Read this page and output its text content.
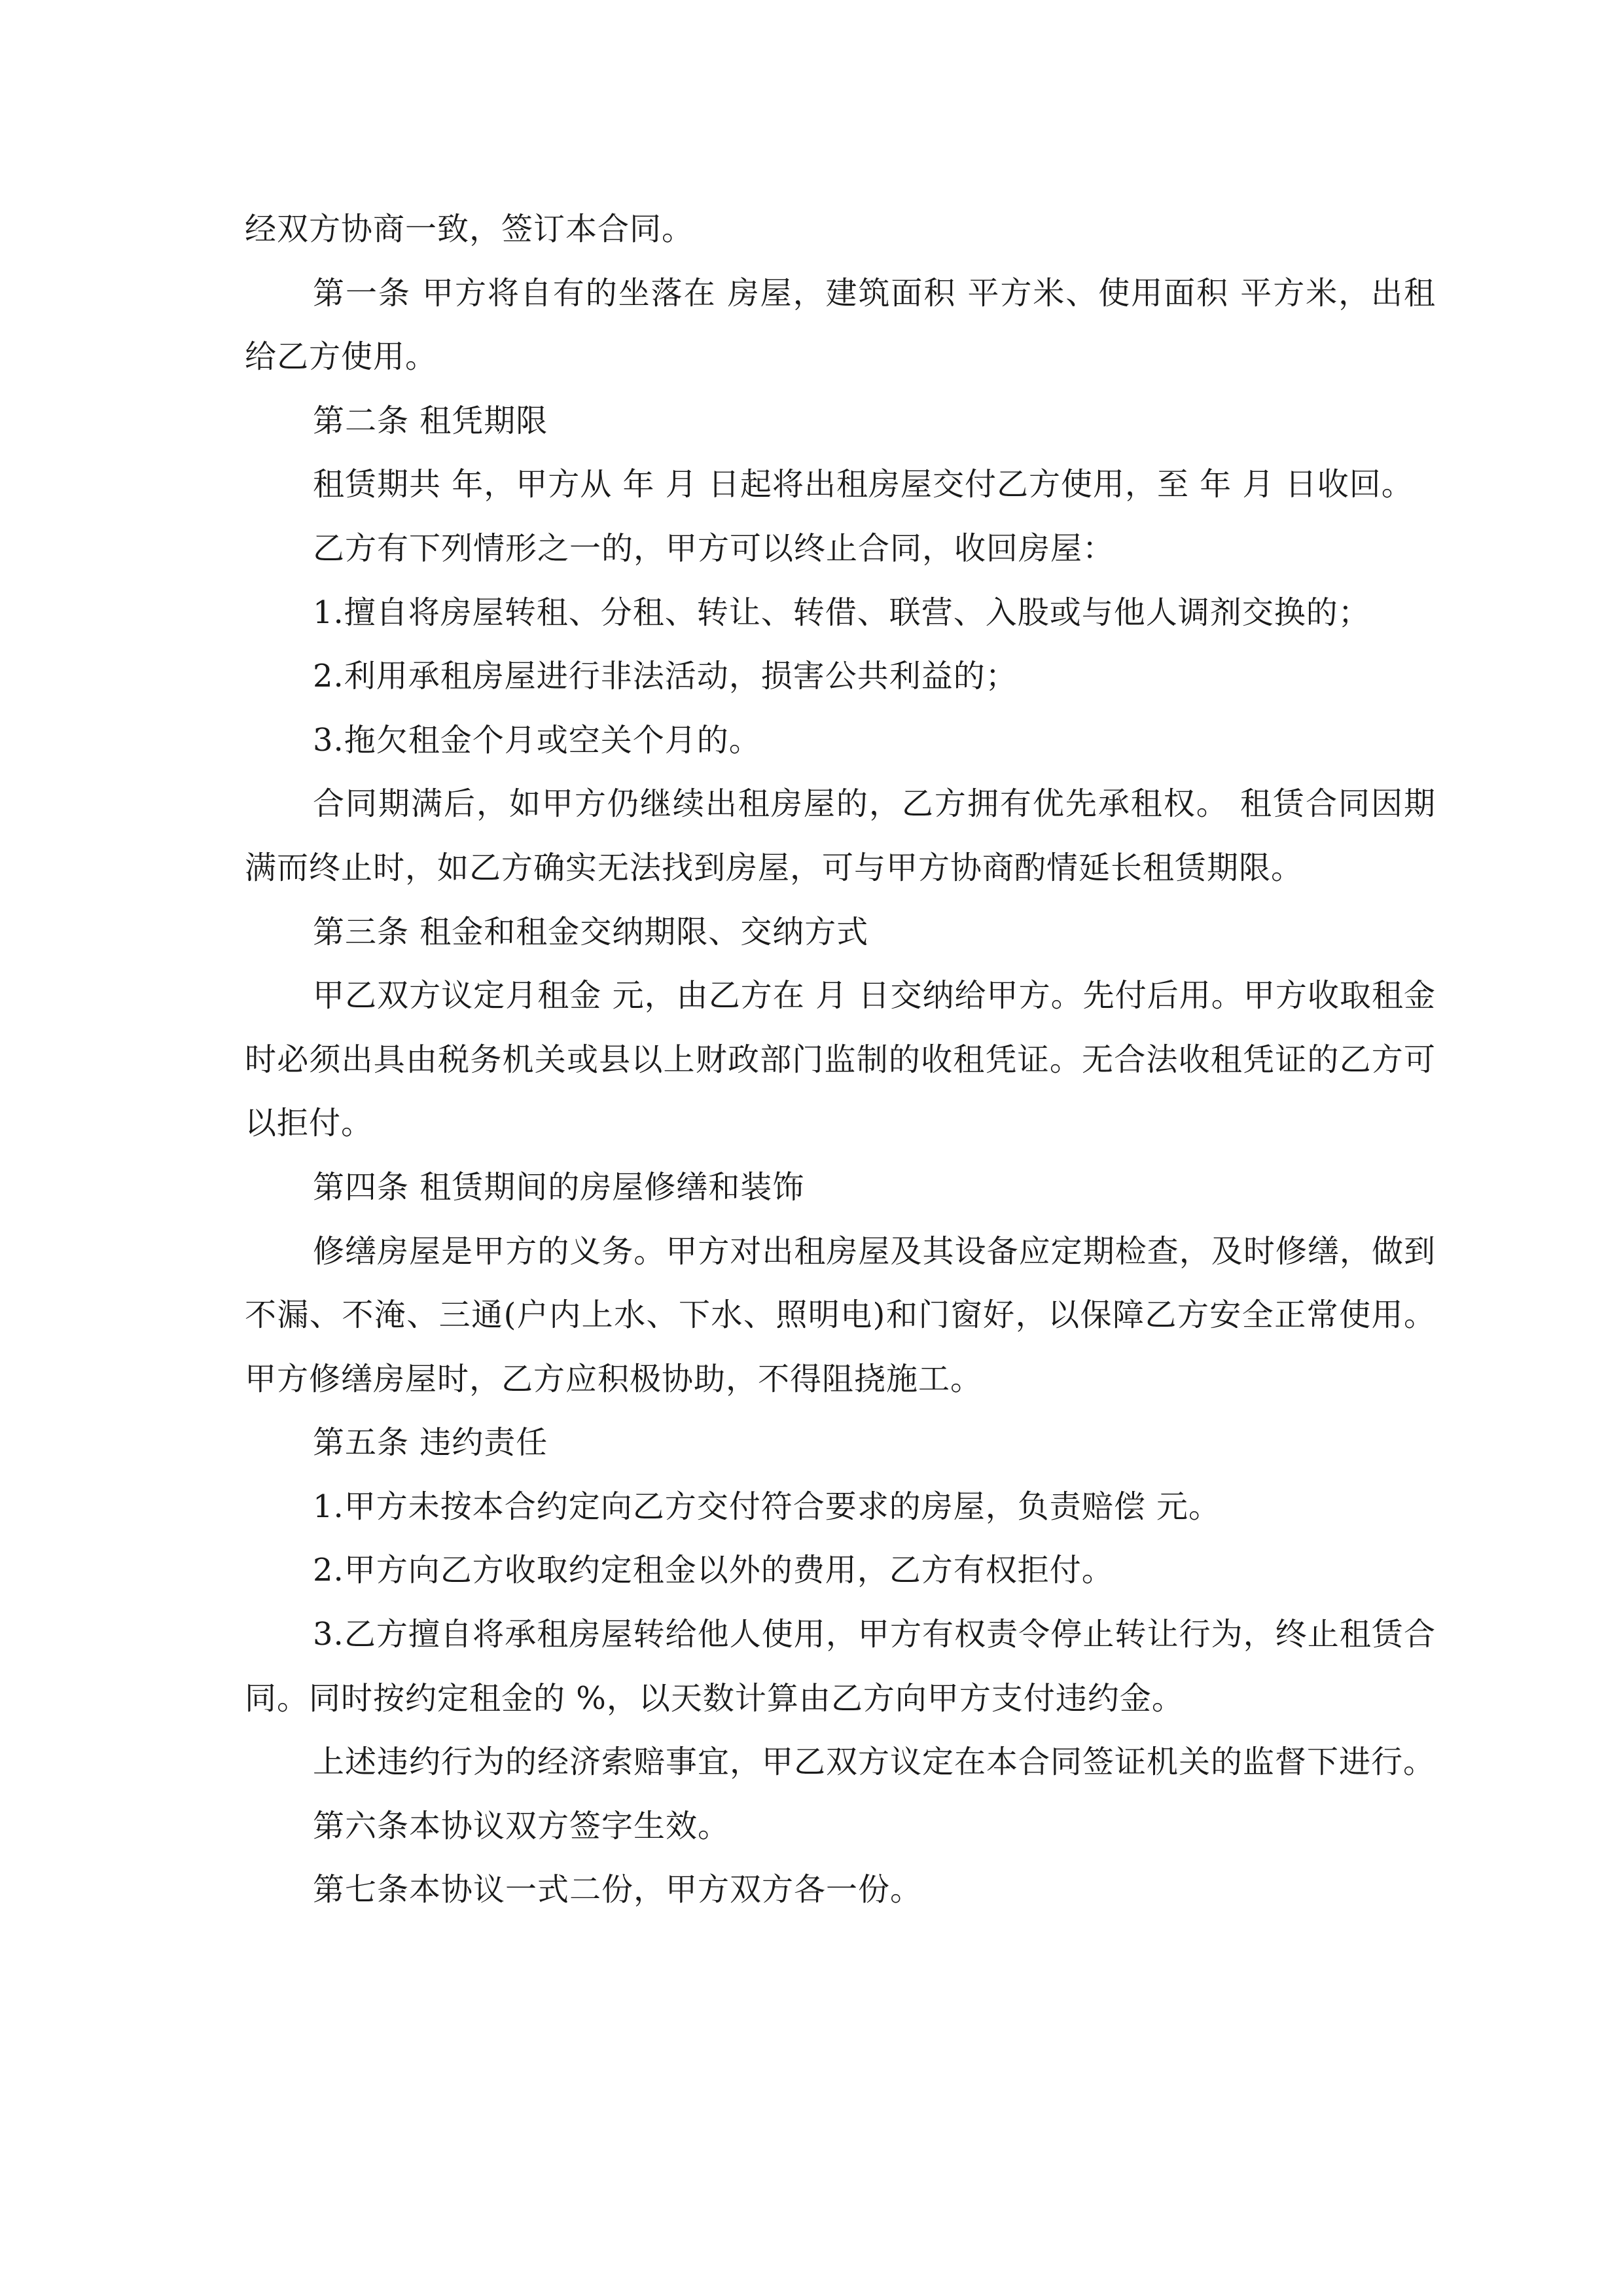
经双方协商一致，签订本合同。

第一条 甲方将自有的坐落在 房屋，建筑面积 平方米、使用面积 平方米，出租给乙方使用。

第二条 租凭期限

租赁期共 年，甲方从 年 月 日起将出租房屋交付乙方使用，至 年 月 日收回。

乙方有下列情形之一的，甲方可以终止合同，收回房屋：

1.擅自将房屋转租、分租、转让、转借、联营、入股或与他人调剂交换的；

2.利用承租房屋进行非法活动，损害公共利益的；

3.拖欠租金个月或空关个月的。

合同期满后，如甲方仍继续出租房屋的，乙方拥有优先承租权。 租赁合同因期满而终止时，如乙方确实无法找到房屋，可与甲方协商酌情延长租赁期限。

第三条 租金和租金交纳期限、交纳方式

甲乙双方议定月租金 元，由乙方在 月 日交纳给甲方。先付后用。甲方收取租金时必须出具由税务机关或县以上财政部门监制的收租凭证。无合法收租凭证的乙方可以拒付。

第四条 租赁期间的房屋修缮和装饰

修缮房屋是甲方的义务。甲方对出租房屋及其设备应定期检查，及时修缮，做到不漏、不淹、三通(户内上水、下水、照明电)和门窗好，以保障乙方安全正常使用。甲方修缮房屋时，乙方应积极协助，不得阻挠施工。

第五条 违约责任

1.甲方未按本合约定向乙方交付符合要求的房屋，负责赔偿 元。

2.甲方向乙方收取约定租金以外的费用，乙方有权拒付。

3.乙方擅自将承租房屋转给他人使用，甲方有权责令停止转让行为，终止租赁合同。同时按约定租金的 %，以天数计算由乙方向甲方支付违约金。

上述违约行为的经济索赔事宜，甲乙双方议定在本合同签证机关的监督下进行。

第六条本协议双方签字生效。

第七条本协议一式二份，甲方双方各一份。
